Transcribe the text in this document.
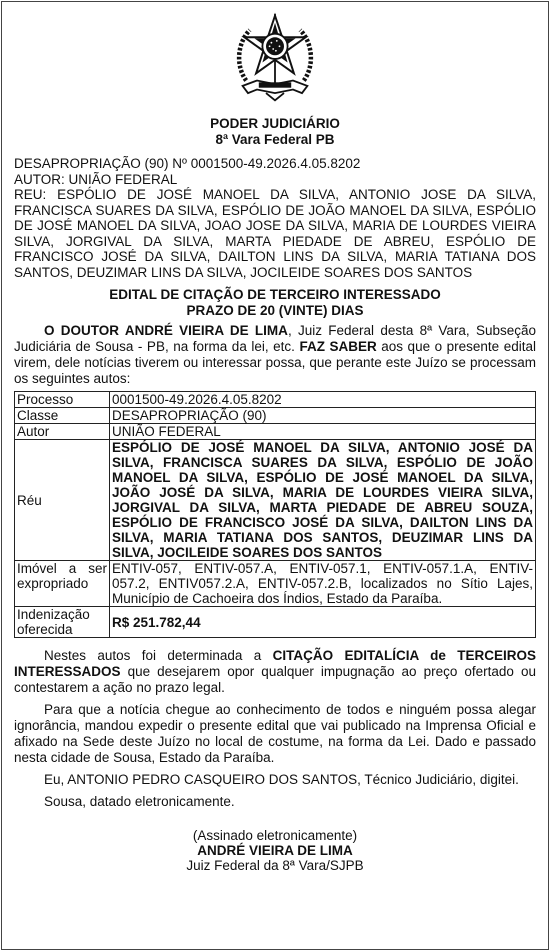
PODER JUDICIÁRIO
8ª Vara Federal PB
DESAPROPRIAÇÃO (90) Nº 0001500-49.2026.4.05.8202
AUTOR: UNIÃO FEDERAL
REU: ESPÓLIO DE JOSÉ MANOEL DA SILVA, ANTONIO JOSE DA SILVA, FRANCISCA SUARES DA SILVA, ESPÓLIO DE JOÃO MANOEL DA SILVA, ESPÓLIO DE JOSÉ MANOEL DA SILVA, JOAO JOSE DA SILVA, MARIA DE LOURDES VIEIRA SILVA, JORGIVAL DA SILVA, MARTA PIEDADE DE ABREU, ESPÓLIO DE FRANCISCO JOSÉ DA SILVA, DAILTON LINS DA SILVA, MARIA TATIANA DOS SANTOS, DEUZIMAR LINS DA SILVA, JOCILEIDE SOARES DOS SANTOS
EDITAL DE CITAÇÃO DE TERCEIRO INTERESSADO
PRAZO DE 20 (VINTE) DIAS

O DOUTOR ANDRÉ VIEIRA DE LIMA, Juiz Federal desta 8ª Vara, Subseção Judiciária de Sousa - PB, na forma da lei, etc. FAZ SABER aos que o presente edital virem, dele notícias tiverem ou interessar possa, que perante este Juízo se processam os seguintes autos:

Processo	0001500-49.2026.4.05.8202
Classe	DESAPROPRIAÇÃO (90)
Autor	UNIÃO FEDERAL
Réu	ESPÓLIO DE JOSÉ MANOEL DA SILVA, ANTONIO JOSÉ DA SILVA, FRANCISCA SUARES DA SILVA, ESPÓLIO DE JOÃO MANOEL DA SILVA, ESPÓLIO DE JOSÉ MANOEL DA SILVA, JOÃO JOSÉ DA SILVA, MARIA DE LOURDES VIEIRA SILVA, JORGIVAL DA SILVA, MARTA PIEDADE DE ABREU SOUZA, ESPÓLIO DE FRANCISCO JOSÉ DA SILVA, DAILTON LINS DA SILVA, MARIA TATIANA DOS SANTOS, DEUZIMAR LINS DA SILVA, JOCILEIDE SOARES DOS SANTOS
Imóvel a ser expropriado	ENTIV-057, ENTIV-057.A, ENTIV-057.1, ENTIV-057.1.A, ENTIV-057.2, ENTIV057.2.A, ENTIV-057.2.B, localizados no Sítio Lajes, Município de Cachoeira dos Índios, Estado da Paraíba.
Indenização oferecida	R$ 251.782,44

Nestes autos foi determinada a CITAÇÃO EDITALÍCIA de TERCEIROS INTERESSADOS que desejarem opor qualquer impugnação ao preço ofertado ou contestarem a ação no prazo legal.

Para que a notícia chegue ao conhecimento de todos e ninguém possa alegar ignorância, mandou expedir o presente edital que vai publicado na Imprensa Oficial e afixado na Sede deste Juízo no local de costume, na forma da Lei. Dado e passado nesta cidade de Sousa, Estado da Paraíba.

Eu, ANTONIO PEDRO CASQUEIRO DOS SANTOS, Técnico Judiciário, digitei.

Sousa, datado eletronicamente.

(Assinado eletronicamente)
ANDRÉ VIEIRA DE LIMA
Juiz Federal da 8ª Vara/SJPB
